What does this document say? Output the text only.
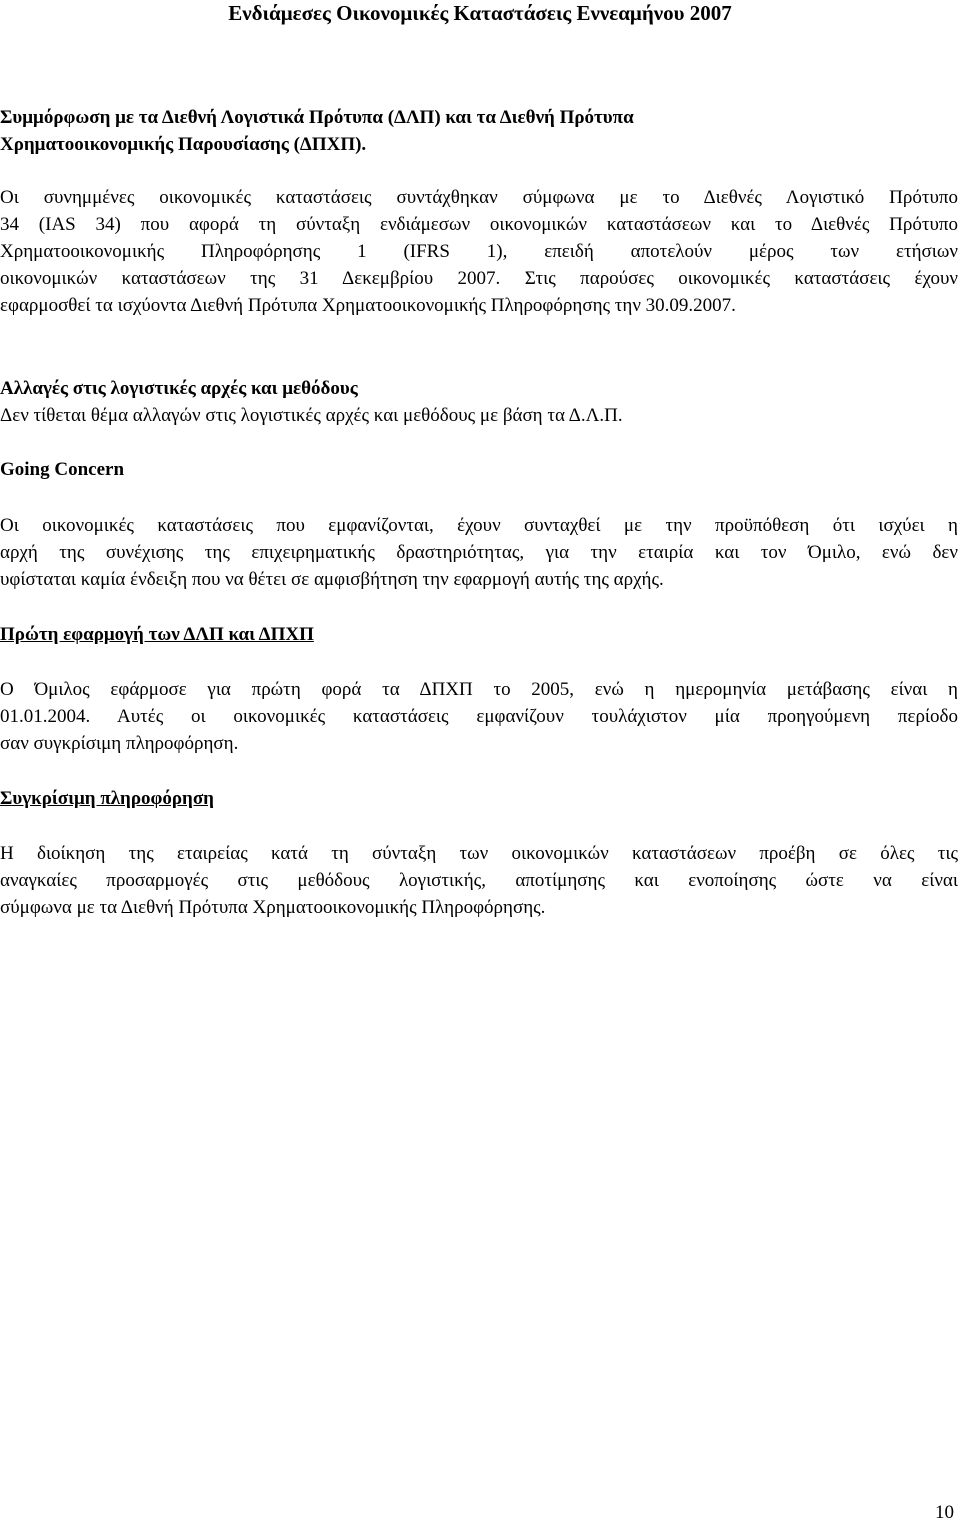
Ενδιάμεσες Οικονομικές Καταστάσεις Εννεαμήνου 2007
Συμμόρφωση με τα Διεθνή Λογιστικά Πρότυπα (ΔΛΠ) και τα Διεθνή Πρότυπα
Χρηματοοικονομικής Παρουσίασης (ΔΠΧΠ).
Οι συνημμένες οικονομικές καταστάσεις συντάχθηκαν σύμφωνα με το Διεθνές Λογιστικό Πρότυπο
34 (IAS 34) που αφορά τη σύνταξη ενδιάμεσων οικονομικών καταστάσεων και το Διεθνές Πρότυπο
Χρηματοοικονομικής Πληροφόρησης 1 (IFRS 1), επειδή αποτελούν μέρος των ετήσιων
οικονομικών καταστάσεων της 31 Δεκεμβρίου 2007. Στις παρούσες οικονομικές καταστάσεις έχουν
εφαρμοσθεί τα ισχύοντα Διεθνή Πρότυπα Χρηματοοικονομικής Πληροφόρησης την 30.09.2007.
Αλλαγές στις λογιστικές αρχές και μεθόδους
Δεν τίθεται θέμα αλλαγών στις λογιστικές αρχές και μεθόδους με βάση τα Δ.Λ.Π.
Going Concern
Οι οικονομικές καταστάσεις που εμφανίζονται, έχουν συνταχθεί με την προϋπόθεση ότι ισχύει η
αρχή της συνέχισης της επιχειρηματικής δραστηριότητας, για την εταιρία και τον Όμιλο, ενώ δεν
υφίσταται καμία ένδειξη που να θέτει σε αμφισβήτηση την εφαρμογή αυτής της αρχής.
Πρώτη εφαρμογή των ΔΛΠ και ΔΠΧΠ
Ο Όμιλος εφάρμοσε για πρώτη φορά τα ΔΠΧΠ το 2005, ενώ η ημερομηνία μετάβασης είναι η
01.01.2004. Αυτές οι οικονομικές καταστάσεις εμφανίζουν τουλάχιστον μία προηγούμενη περίοδο
σαν συγκρίσιμη πληροφόρηση.
Συγκρίσιμη πληροφόρηση
Η διοίκηση της εταιρείας κατά τη σύνταξη των οικονομικών καταστάσεων προέβη σε όλες τις
αναγκαίες προσαρμογές στις μεθόδους λογιστικής, αποτίμησης και ενοποίησης ώστε να είναι
σύμφωνα με τα Διεθνή Πρότυπα Χρηματοοικονομικής Πληροφόρησης.
10
